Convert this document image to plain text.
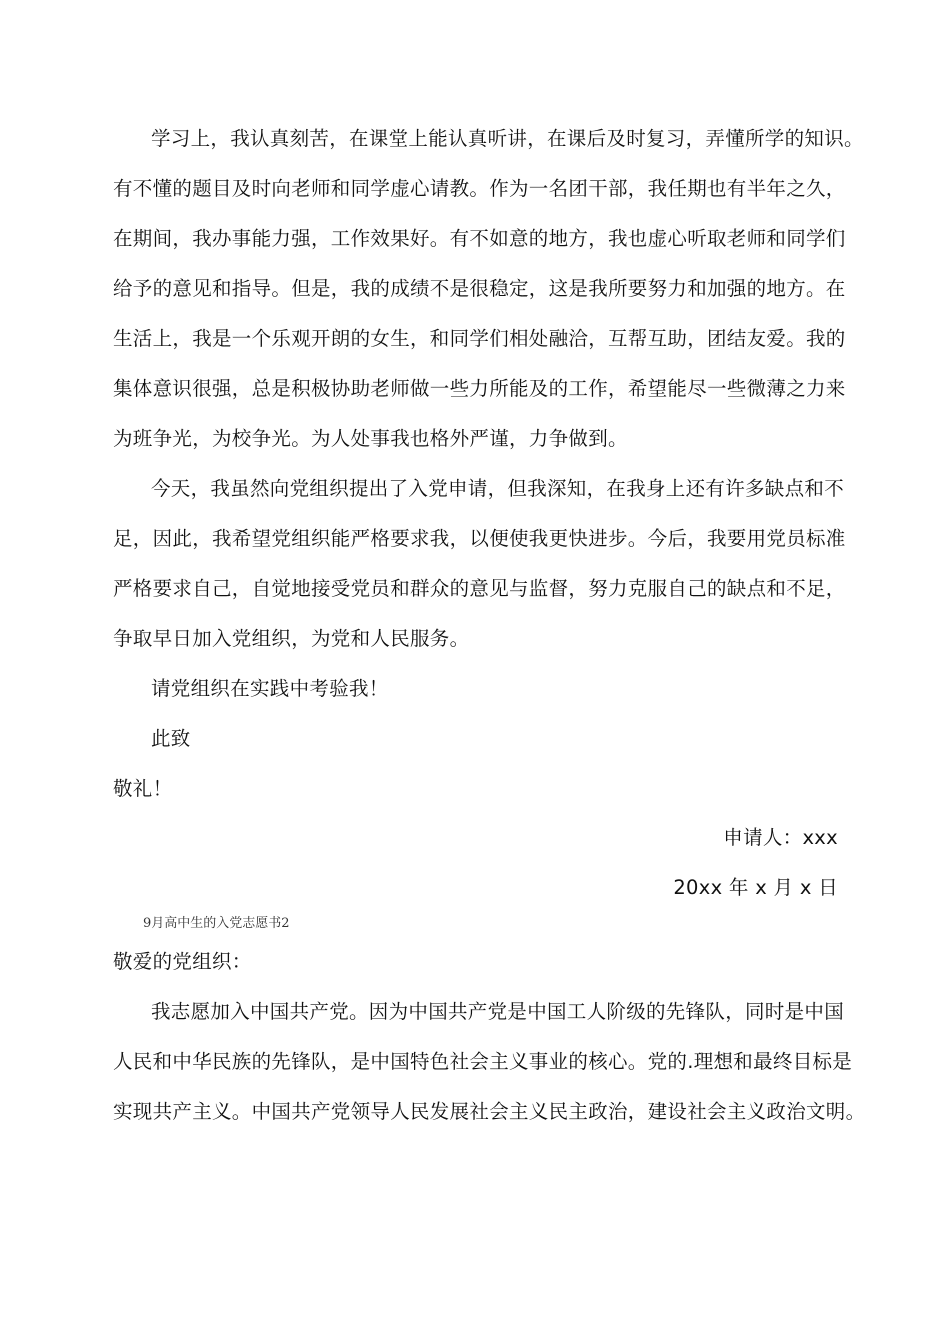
学习上，我认真刻苦，在课堂上能认真听讲，在课后及时复习，弄懂所学的知识。
有不懂的题目及时向老师和同学虚心请教。作为一名团干部，我任期也有半年之久，
在期间，我办事能力强，工作效果好。有不如意的地方，我也虚心听取老师和同学们
给予的意见和指导。但是，我的成绩不是很稳定，这是我所要努力和加强的地方。在
生活上，我是一个乐观开朗的女生，和同学们相处融洽，互帮互助，团结友爱。我的
集体意识很强，总是积极协助老师做一些力所能及的工作，希望能尽一些微薄之力来
为班争光，为校争光。为人处事我也格外严谨，力争做到。
今天，我虽然向党组织提出了入党申请，但我深知，在我身上还有许多缺点和不
足，因此，我希望党组织能严格要求我，以便使我更快进步。今后，我要用党员标准
严格要求自己，自觉地接受党员和群众的意见与监督，努力克服自己的缺点和不足，
争取早日加入党组织，为党和人民服务。
请党组织在实践中考验我！
此致
敬礼！
申请人：xxx
20xx 年 x 月 x 日
9月高中生的入党志愿书2
敬爱的党组织：
我志愿加入中国共产党。因为中国共产党是中国工人阶级的先锋队，同时是中国
人民和中华民族的先锋队，是中国特色社会主义事业的核心。党的.理想和最终目标是
实现共产主义。中国共产党领导人民发展社会主义民主政治，建设社会主义政治文明。
